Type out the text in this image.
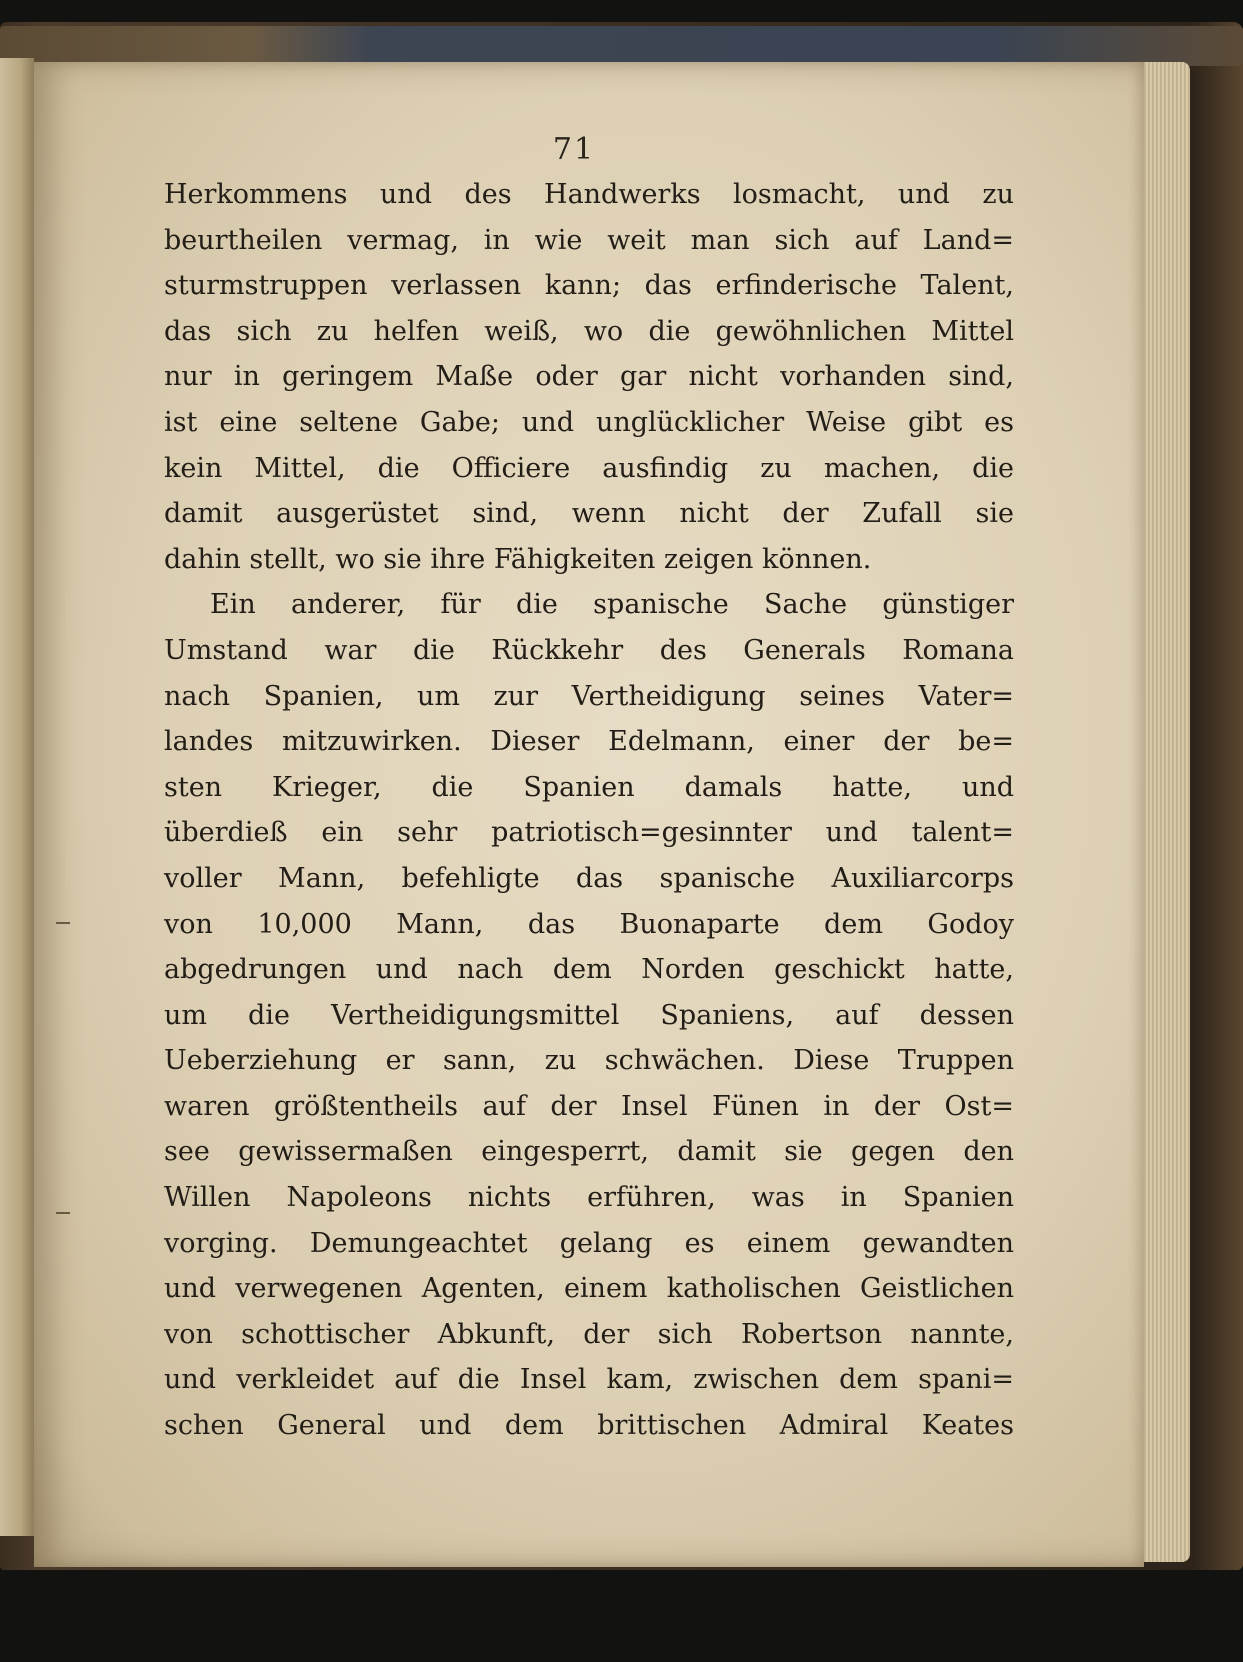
71
Herkommens und des Handwerks losmacht, und zu
beurtheilen vermag, in wie weit man sich auf Land=
sturmstruppen verlassen kann; das erfinderische Talent,
das sich zu helfen weiß, wo die gewöhnlichen Mittel
nur in geringem Maße oder gar nicht vorhanden sind,
ist eine seltene Gabe; und unglücklicher Weise gibt es
kein Mittel, die Officiere ausfindig zu machen, die
damit ausgerüstet sind, wenn nicht der Zufall sie
dahin stellt, wo sie ihre Fähigkeiten zeigen können.
Ein anderer, für die spanische Sache günstiger
Umstand war die Rückkehr des Generals Romana
nach Spanien, um zur Vertheidigung seines Vater=
landes mitzuwirken. Dieser Edelmann, einer der be=
sten Krieger, die Spanien damals hatte, und
überdieß ein sehr patriotisch=gesinnter und talent=
voller Mann, befehligte das spanische Auxiliarcorps
von 10,000 Mann, das Buonaparte dem Godoy
abgedrungen und nach dem Norden geschickt hatte,
um die Vertheidigungsmittel Spaniens, auf dessen
Ueberziehung er sann, zu schwächen. Diese Truppen
waren größtentheils auf der Insel Fünen in der Ost=
see gewissermaßen eingesperrt, damit sie gegen den
Willen Napoleons nichts erführen, was in Spanien
vorging. Demungeachtet gelang es einem gewandten
und verwegenen Agenten, einem katholischen Geistlichen
von schottischer Abkunft, der sich Robertson nannte,
und verkleidet auf die Insel kam, zwischen dem spani=
schen General und dem brittischen Admiral Keates
